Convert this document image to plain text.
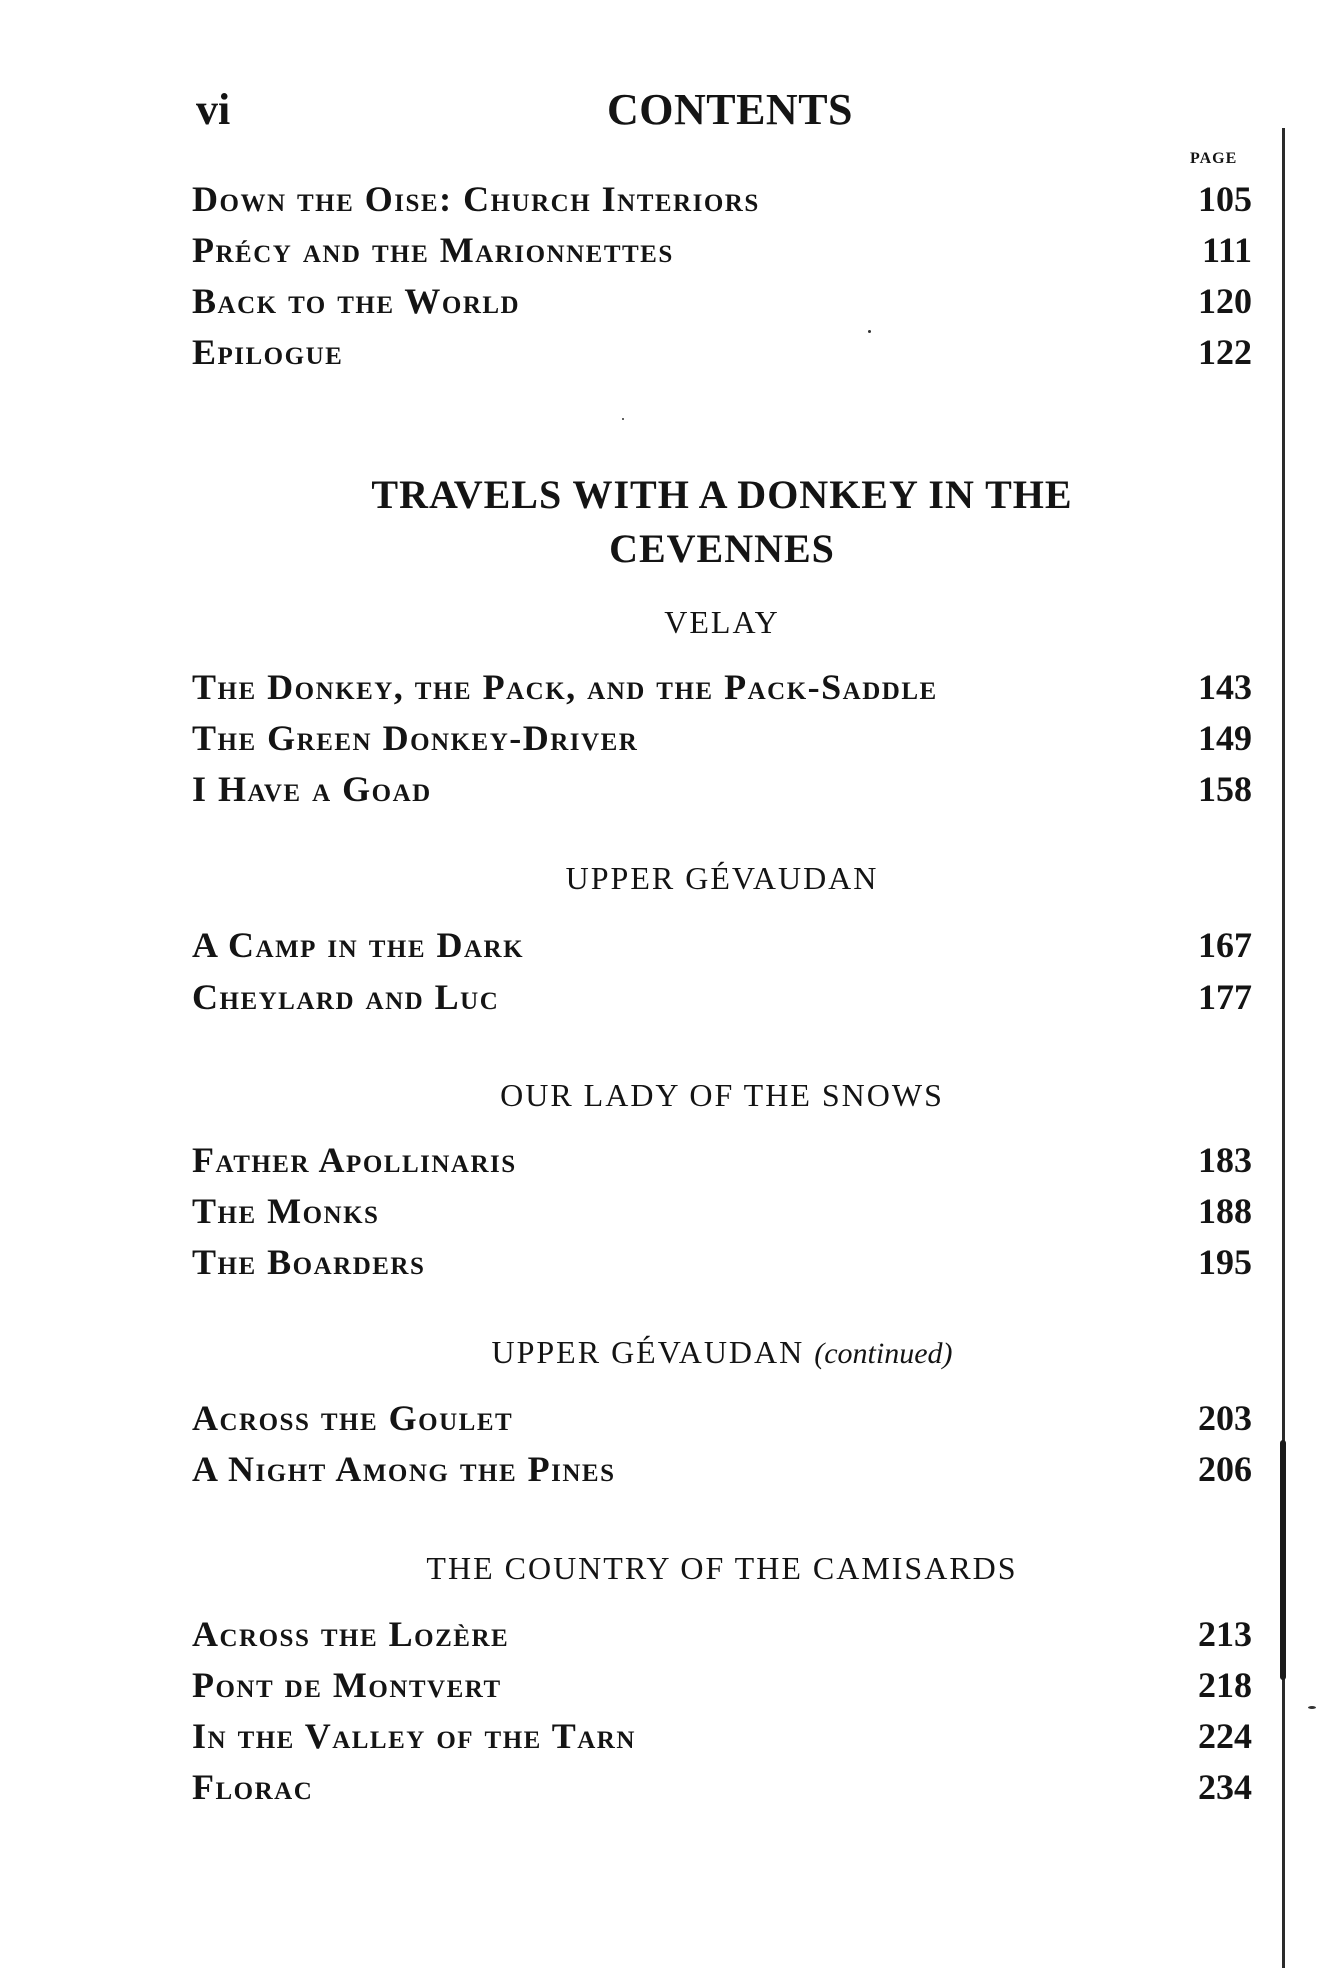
vi	CONTENTS
PAGE
Down the Oise: Church Interiors	105
Précy and the Marionnettes	111
Back to the World	120
Epilogue	122
TRAVELS WITH A DONKEY IN THE
CEVENNES
VELAY
The Donkey, the Pack, and the Pack-Saddle	143
The Green Donkey-Driver	149
I Have a Goad	158
UPPER GÉVAUDAN
A Camp in the Dark	167
Cheylard and Luc	177
OUR LADY OF THE SNOWS
Father Apollinaris	183
The Monks	188
The Boarders	195
UPPER GÉVAUDAN (continued)
Across the Goulet	203
A Night Among the Pines	206
THE COUNTRY OF THE CAMISARDS
Across the Lozère	213
Pont de Montvert	218
In the Valley of the Tarn	224
Florac	234
